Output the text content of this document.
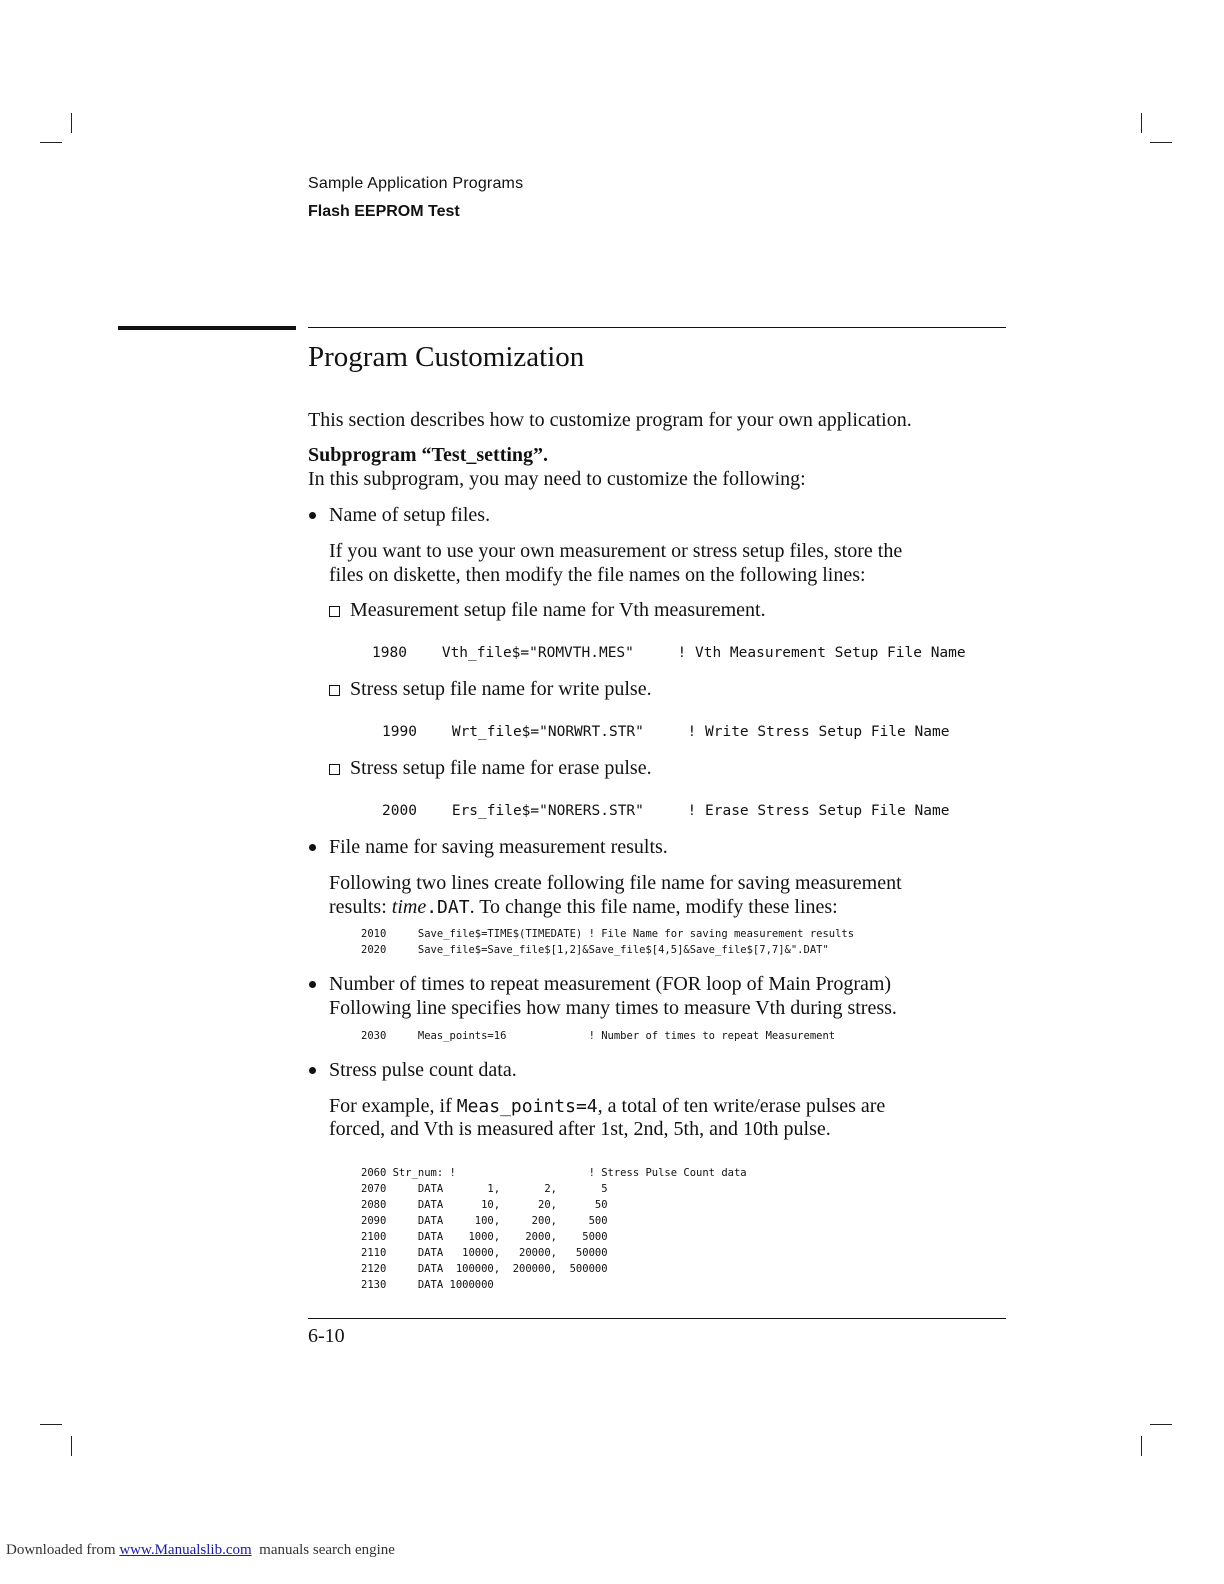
Sample Application Programs
Flash EEPROM Test
Program Customization
This section describes how to customize program for your own application.
Subprogram “Test_setting”.
In this subprogram, you may need to customize the following:
Name of setup files.
If you want to use your own measurement or stress setup files, store the
files on diskette, then modify the file names on the following lines:
Measurement setup file name for Vth measurement.
1980    Vth_file$="ROMVTH.MES"     ! Vth Measurement Setup File Name
Stress setup file name for write pulse.
1990    Wrt_file$="NORWRT.STR"     ! Write Stress Setup File Name
Stress setup file name for erase pulse.
2000    Ers_file$="NORERS.STR"     ! Erase Stress Setup File Name
File name for saving measurement results.
Following two lines create following file name for saving measurement
results: time.DAT. To change this file name, modify these lines:
2010     Save_file$=TIME$(TIMEDATE) ! File Name for saving measurement results
2020     Save_file$=Save_file$[1,2]&Save_file$[4,5]&Save_file$[7,7]&".DAT"
Number of times to repeat measurement (FOR loop of Main Program)
Following line specifies how many times to measure Vth during stress.
2030     Meas_points=16             ! Number of times to repeat Measurement
Stress pulse count data.
For example, if Meas_points=4, a total of ten write/erase pulses are
forced, and Vth is measured after 1st, 2nd, 5th, and 10th pulse.

2060 Str_num: !                     ! Stress Pulse Count data
2070     DATA       1,       2,       5
2080     DATA      10,      20,      50
2090     DATA     100,     200,     500
2100     DATA    1000,    2000,    5000
2110     DATA   10000,   20000,   50000
2120     DATA  100000,  200000,  500000
2130     DATA 1000000

6-10
Downloaded from www.Manualslib.com  manuals search engine
